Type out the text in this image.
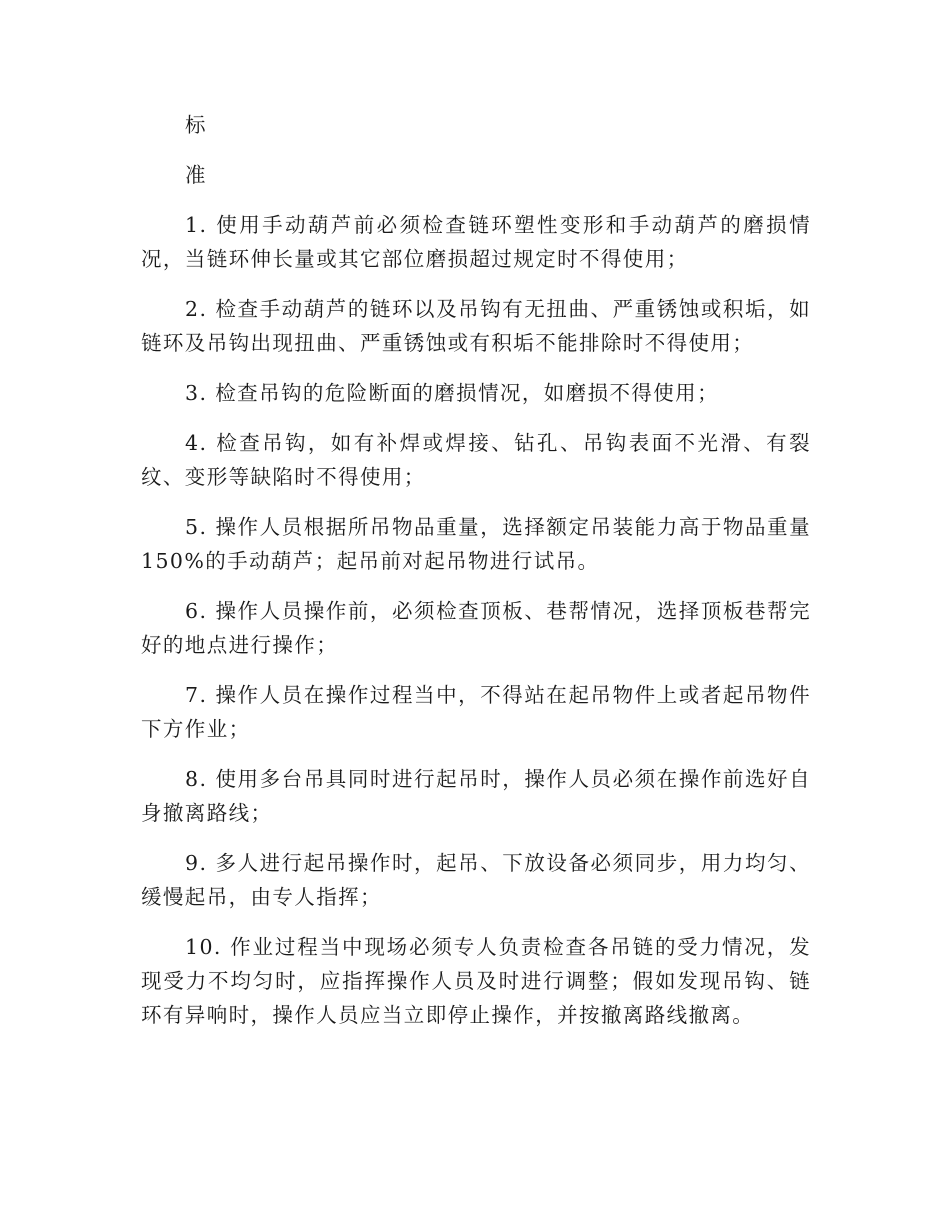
标

准

1. 使用手动葫芦前必须检查链环塑性变形和手动葫芦的磨损情况，当链环伸长量或其它部位磨损超过规定时不得使用；

2. 检查手动葫芦的链环以及吊钩有无扭曲、严重锈蚀或积垢，如链环及吊钩出现扭曲、严重锈蚀或有积垢不能排除时不得使用；

3. 检查吊钩的危险断面的磨损情况，如磨损不得使用；

4. 检查吊钩，如有补焊或焊接、钻孔、吊钩表面不光滑、有裂纹、变形等缺陷时不得使用；

5. 操作人员根据所吊物品重量，选择额定吊装能力高于物品重量150%的手动葫芦；起吊前对起吊物进行试吊。

6. 操作人员操作前，必须检查顶板、巷帮情况，选择顶板巷帮完好的地点进行操作；

7. 操作人员在操作过程当中，不得站在起吊物件上或者起吊物件下方作业；

8. 使用多台吊具同时进行起吊时，操作人员必须在操作前选好自身撤离路线；

9. 多人进行起吊操作时，起吊、下放设备必须同步，用力均匀、缓慢起吊，由专人指挥；

10. 作业过程当中现场必须专人负责检查各吊链的受力情况，发现受力不均匀时，应指挥操作人员及时进行调整；假如发现吊钩、链环有异响时，操作人员应当立即停止操作，并按撤离路线撤离。
